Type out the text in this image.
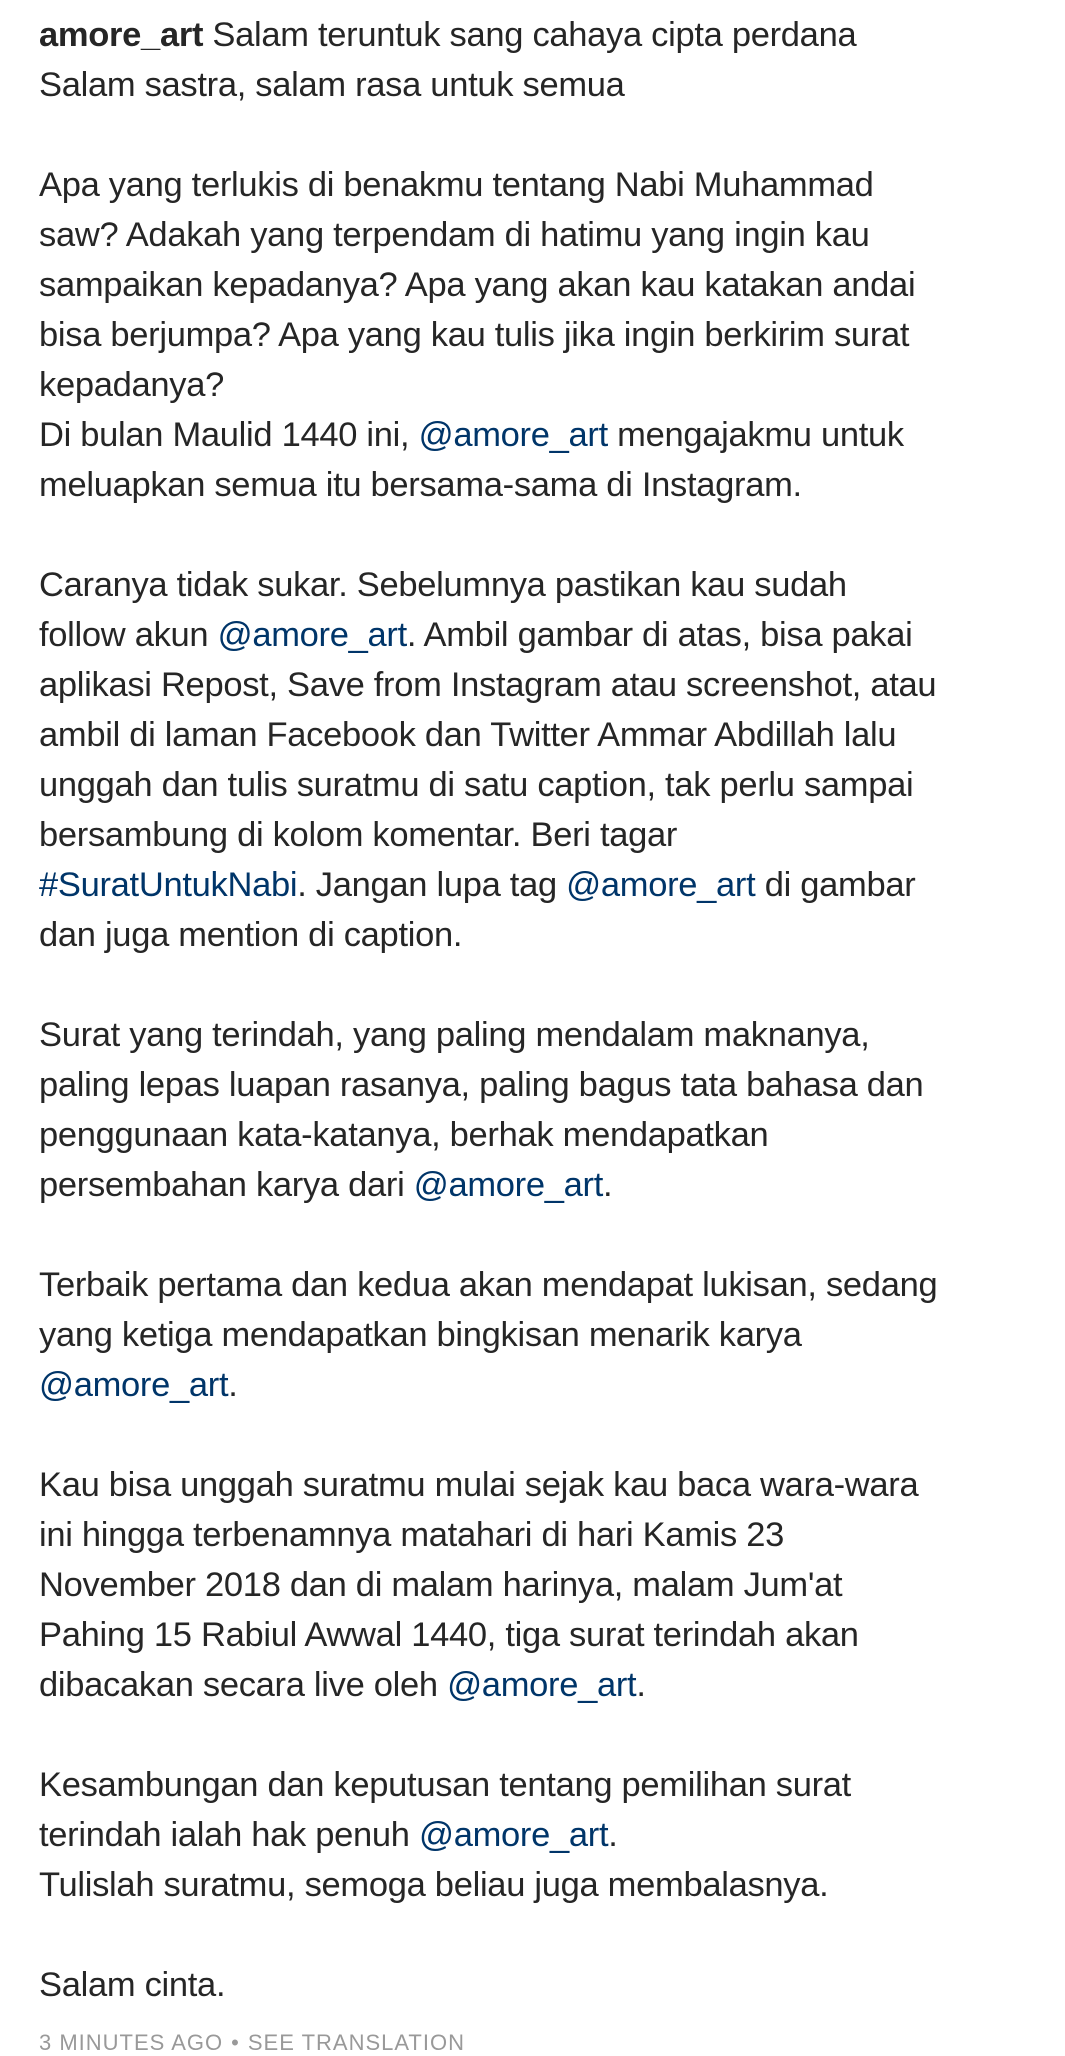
amore_art Salam teruntuk sang cahaya cipta perdana
Salam sastra, salam rasa untuk semua
Apa yang terlukis di benakmu tentang Nabi Muhammad
saw? Adakah yang terpendam di hatimu yang ingin kau
sampaikan kepadanya? Apa yang akan kau katakan andai
bisa berjumpa? Apa yang kau tulis jika ingin berkirim surat
kepadanya?
Di bulan Maulid 1440 ini, @amore_art mengajakmu untuk
meluapkan semua itu bersama-sama di Instagram.
Caranya tidak sukar. Sebelumnya pastikan kau sudah
follow akun @amore_art. Ambil gambar di atas, bisa pakai
aplikasi Repost, Save from Instagram atau screenshot, atau
ambil di laman Facebook dan Twitter Ammar Abdillah lalu
unggah dan tulis suratmu di satu caption, tak perlu sampai
bersambung di kolom komentar. Beri tagar
#SuratUntukNabi. Jangan lupa tag @amore_art di gambar
dan juga mention di caption.
Surat yang terindah, yang paling mendalam maknanya,
paling lepas luapan rasanya, paling bagus tata bahasa dan
penggunaan kata-katanya, berhak mendapatkan
persembahan karya dari @amore_art.
Terbaik pertama dan kedua akan mendapat lukisan, sedang
yang ketiga mendapatkan bingkisan menarik karya
@amore_art.
Kau bisa unggah suratmu mulai sejak kau baca wara-wara
ini hingga terbenamnya matahari di hari Kamis 23
November 2018 dan di malam harinya, malam Jum'at
Pahing 15 Rabiul Awwal 1440, tiga surat terindah akan
dibacakan secara live oleh @amore_art.
Kesambungan dan keputusan tentang pemilihan surat
terindah ialah hak penuh @amore_art.
Tulislah suratmu, semoga beliau juga membalasnya.
Salam cinta.
3 MINUTES AGO • SEE TRANSLATION
